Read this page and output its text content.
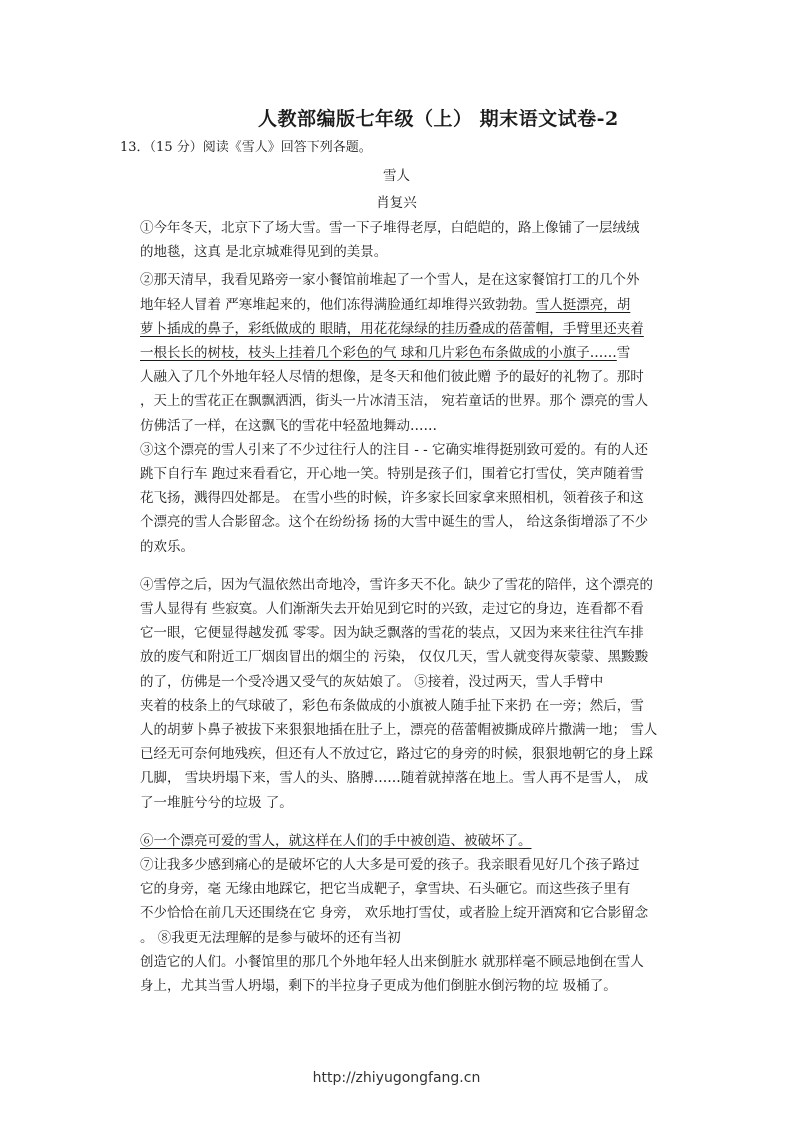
人教部编版七年级（上） 期末语文试卷-2
13．（15 分）阅读《雪人》回答下列各题。
雪人
肖复兴
①今年冬天，北京下了场大雪。雪一下子堆得老厚，白皑皑的，路上像铺了一层绒绒
的地毯，这真 是北京城难得见到的美景。
②那天清早，我看见路旁一家小餐馆前堆起了一个雪人，是在这家餐馆打工的几个外
地年轻人冒着 严寒堆起来的，他们冻得满脸通红却堆得兴致勃勃。雪人挺漂亮，胡
萝卜插成的鼻子，彩纸做成的 眼睛，用花花绿绿的挂历叠成的蓓蕾帽，手臂里还夹着
一根长长的树枝，枝头上挂着几个彩色的气 球和几片彩色布条做成的小旗子……雪
人融入了几个外地年轻人尽情的想像，是冬天和他们彼此赠 予的最好的礼物了。那时
，天上的雪花正在飘飘洒洒，街头一片冰清玉洁， 宛若童话的世界。那个 漂亮的雪人
仿佛活了一样，在这飘飞的雪花中轻盈地舞动……
③这个漂亮的雪人引来了不少过往行人的注目 - - 它确实堆得挺别致可爱的。有的人还
跳下自行车 跑过来看看它，开心地一笑。特别是孩子们，围着它打雪仗，笑声随着雪
花飞扬，溅得四处都是。 在雪小些的时候，许多家长回家拿来照相机，领着孩子和这
个漂亮的雪人合影留念。这个在纷纷扬 扬的大雪中诞生的雪人， 给这条街增添了不少
的欢乐。
④雪停之后，因为气温依然出奇地冷，雪许多天不化。缺少了雪花的陪伴，这个漂亮的
雪人显得有 些寂寞。人们渐渐失去开始见到它时的兴致，走过它的身边，连看都不看
它一眼，它便显得越发孤 零零。因为缺乏飘落的雪花的装点，又因为来来往往汽车排
放的废气和附近工厂烟囱冒出的烟尘的 污染， 仅仅几天，雪人就变得灰蒙蒙、黑黢黢
的了，仿佛是一个受冷遇又受气的灰姑娘了。 ⑤接着，没过两天，雪人手臂中
夹着的枝条上的气球破了，彩色布条做成的小旗被人随手扯下来扔 在一旁；然后，雪
人的胡萝卜鼻子被拔下来狠狠地插在肚子上，漂亮的蓓蕾帽被撕成碎片撒满一地； 雪人
已经无可奈何地残疾，但还有人不放过它，路过它的身旁的时候，狠狠地朝它的身上踩
几脚， 雪块坍塌下来，雪人的头、胳膊……随着就掉落在地上。雪人再不是雪人， 成
了一堆脏兮兮的垃圾 了。
⑥一个漂亮可爱的雪人，就这样在人们的手中被创造、被破坏了。
⑦让我多少感到痛心的是破坏它的人大多是可爱的孩子。我亲眼看见好几个孩子路过
它的身旁，毫 无缘由地踩它，把它当成靶子，拿雪块、石头砸它。而这些孩子里有
不少恰恰在前几天还围绕在它 身旁， 欢乐地打雪仗，或者脸上绽开酒窝和它合影留念
。 ⑧我更无法理解的是参与破坏的还有当初
创造它的人们。小餐馆里的那几个外地年轻人出来倒脏水 就那样毫不顾忌地倒在雪人
身上，尤其当雪人坍塌，剩下的半拉身子更成为他们倒脏水倒污物的垃 圾桶了。
http://zhiyugongfang.cn
